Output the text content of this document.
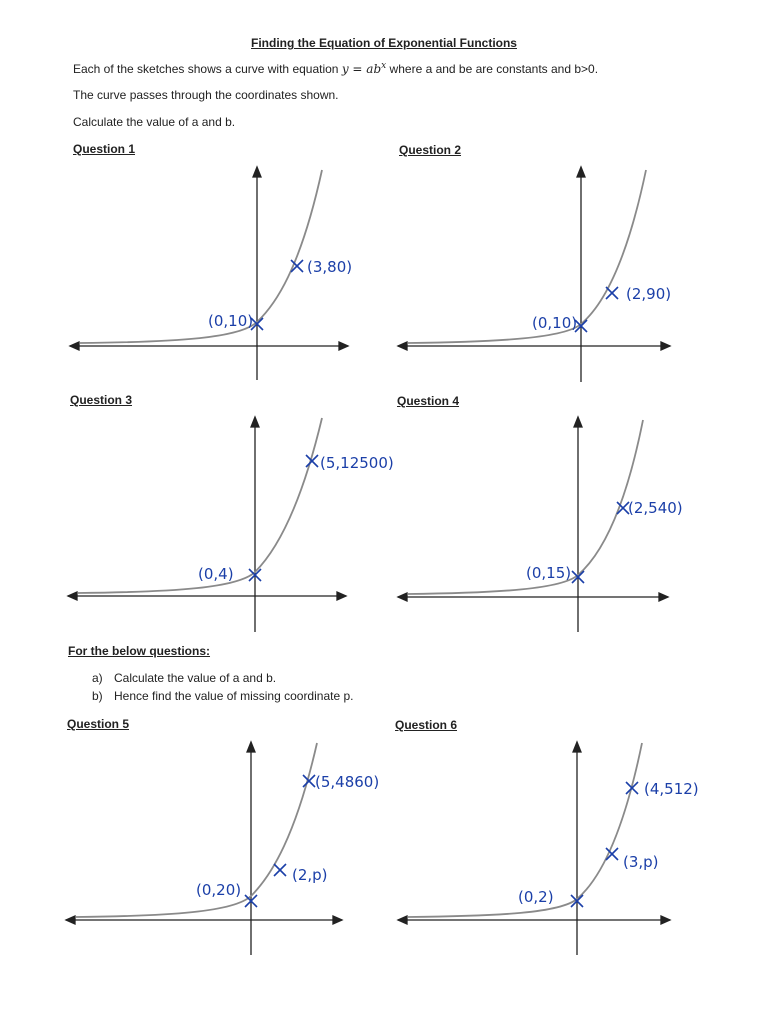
Finding the Equation of Exponential Functions
Each of the sketches shows a curve with equation $y = ab^x$ where a and be are constants and b>0.
The curve passes through the coordinates shown.
Calculate the value of a and b.
Question 1	Question 2
Question 3	Question 4
For the below questions:
a) Calculate the value of a and b.
b) Hence find the value of missing coordinate p.
Question 5	Question 6
(0,10)
(3,80)
(0,10)
(2,90)
(0,4)
(5,12500)
(0,15)
(2,540)
(0,20)
(2,p)
(5,4860)
(0,2)
(3,p)
(4,512)
